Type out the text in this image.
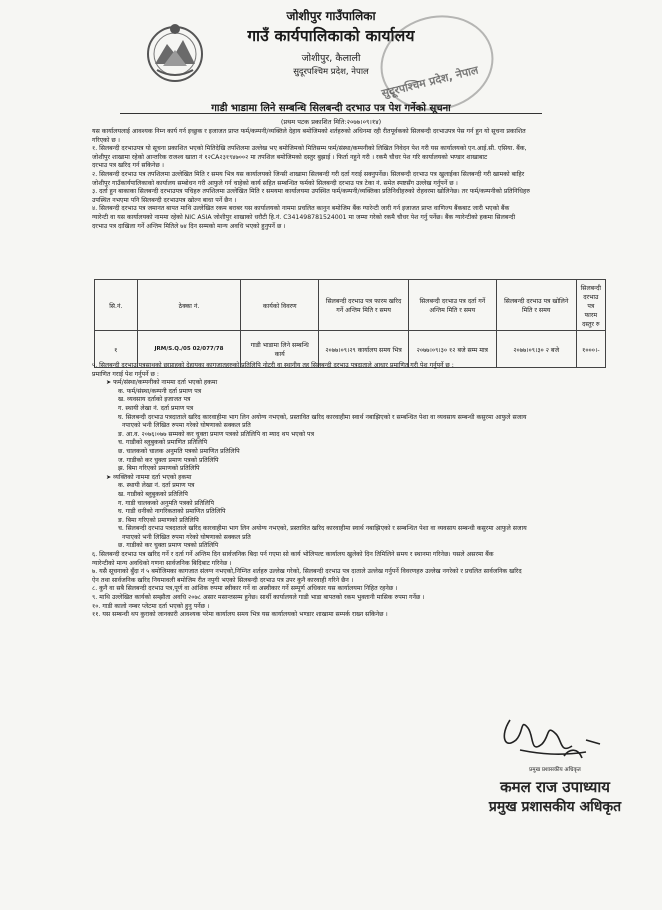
जोशीपुर गाउँपालिका
गाउँ कार्यपालिकाको कार्यालय
जोशीपुर, कैलाली
सुदूरपश्चिम प्रदेश, नेपाल	सुदूरपश्चिम प्रदेश, नेपाल
गाडी भाडामा लिने सम्बन्धि सिलबन्दी दरभाउ पत्र पेश गर्नेको सूचना
(प्रथम पटक प्रकाशित मिति:२०७७।०९।१४)

यस कार्यालयलाई आवश्यक निम्न कार्य गर्न इच्छुक र इजाजत प्राप्त फर्म/कम्पनी/व्यक्तिले देहाय बमोजिमको शर्तहरुको अधिनमा रही रीतपूर्वकको सिलबन्दी दरभाउपत्र पेस गर्न हुन यो सूचना प्रकाशित

गरिएको छ ।

१. सिलबन्दी दरभाउपत्र यो सूचना प्रकाशित भएको मितिदेखि तपशिलमा उल्लेख भए बमोजिमको मितिसम्म फर्म/संस्था/कम्पनीको लिखित निवेदन पेश गरी यस कार्यालयको एन.आई.सी. एसिया. बैंक,

जोशीपुर शाखामा रहेको आन्तरिक राजश्व खाता नं १२CA२३१९४७००२ मा तपशिल बमोजिमको दस्तुर बुझाई । फिर्ता नहुने गरी । रकमै चौधर पेश गरि कार्यालयको भण्डार शाखाबाट

दरभाउ पत्र खरिद गर्न सकिनेछ ।

२. सिलबन्दी दरभाउ पत्र तपशिलमा उल्लेखित मिति र समय भित्र यस कार्यालयको जिन्सी शाखामा सिलबन्दी गरी दर्ता गराई सक्नुपर्नेछ। सिलबन्दी दरभाउ पत्र खुलाईका सिलबन्दी गरी खामको बाहिर

जोशीपुर गाउँकार्यपालिकाको कार्यालय सम्बोधन गरी आफुले गर्न चाहेको कार्य सहित सम्बन्धित फर्मको सिलबन्दी दरभाउ पत्र टेका नं. समेत स्पष्टसँग उल्लेख गर्नुपर्ने छ ।

३. दर्ता हुन बाकाका सिलबन्दी दरभाउपत्र पचिहरु तपशिलमा उल्लेखित मिति र समयमा कार्यालयमा उपस्थित फर्म/कम्पनी/व्यक्तिका प्रतिनिधीहरुको रोहवरमा खोलिनेछ। तर फर्म/कम्पनीको प्रतिनिधिहरु

उपस्थित नभएमा पनि सिलबन्दी दरभाउपत्र खोल्न बाधा पर्ने छैन ।

४. सिलबन्दी दरभाउ पत्र जमानत बापत माथि उल्लेखित रकम बराबर यस कार्यालयको नाममा प्रचलित कानुन बमोजिम बैंक ग्यारेन्टी जारी गर्न इजाजत प्राप्त वाणिज्य बैंकबाट जारी भएको बैंक

ग्यारेन्टी वा यस कार्यालयको नाममा रहेको NIC ASIA जोशीपुर शाखाको धरौटी हि.नं. C341498781524001 मा जम्मा गरेको रकमै चौधर पेश गर्नु पर्नेछ। बैंक ग्यारेन्टीको हकमा सिलबन्दी

दरभाउ पत्र दाखिला गर्ने अन्तिम मितिले ७४ दिन सम्मको मान्य अवधि भएको हुनुपर्ने छ ।

सि.नं.	ठेक्का नं.	कार्यको विवरण	सिलबन्दी दरभाउ पत्र फारम खरिद गर्ने अन्तिम मिति र समय	सिलबन्दी दरभाउ पत्र दर्ता गर्ने अन्तिम मिति र समय	सिलबन्दी दरभाउ पत्र खोलिने मिति र समय	सिलबन्दी दरभाउ पत्र फारम दस्तुर रु
१	JRM/S.Q./05 02/077/78	गाडी भाडामा लिने सम्बन्धि कार्य	२०७७।०९।२९ कार्यालय समय भित्र	२०७७।०९।३० १२ बजे सम्म मात्र	२०७७।०९।३० २ बजे	१०००।-

५. सिलबन्दी दरभाउ पत्रसाथको छाप्राहको देहायका कागजातहरुको प्रतिलिपि नोटरी वा स्थानीय तह सिलबन्दी दरभाउ पत्रदाताले आधार प्रमाणित गरी पेश गर्नुपर्ने छ :

प्रमाणित गराई पेश गर्नुपर्ने छ :

➤ फर्म/संस्था/कम्पनीको नाममा दर्ता भएको हकमा

क. फर्म/संस्था/कम्पनी दर्ता प्रमाण पत्र

ख. व्यवसाय दर्ताको इजाजत पत्र

ग. स्थायी लेखा नं. दर्ता प्रमाण पत्र

घ. सिलबन्दी दरभाउ पत्रदाताले खरिद कारवाहीमा भाग लिन अयोग्य नभएको, प्रस्तावित खरिद कारवाहीमा स्वार्थ नबाझिएको र सम्बन्धित पेशा वा व्यवसाय सम्बन्धी कसुरमा आफुले सजाय

नपाएको भनी लिखित रुपमा गरेको घोषणाको सक्कल प्रति

ङ. आ.व. २०७६।०७७ सम्मको कर चुक्ता प्रमाण पत्रको प्रतिलिपि वा म्याद थप भएको पत्र

च. गाडीको ब्लुबुकको प्रमाणित प्रतिलिपि

छ. चालकको चालक अनुमति पत्रको प्रमाणित प्रतिलिपि

ज. गाडीको कर चुक्ता प्रमाण पत्रको प्रतिलिपि

झ. बिमा गरिएको प्रमाणको प्रतिलिपि

➤ व्यक्तिको नाममा दर्ता भएको हकमा

क. स्थायी लेखा नं. दर्ता प्रमाण पत्र

ख. गाडीको ब्लुबुकको प्रतिलिपि

ग. गाडी चालकको अनुमति पत्रको प्रतिलिपि

घ. गाडी धनीको नागरिकताको प्रमाणित प्रतिलिपि

ङ. बिमा गरिएको प्रमाणको प्रतिलिपि

च. सिलबन्दी दरभाउ पत्रदाताले खरिद कारवाहीमा भाग लिन अयोग्य नभएको, प्रस्तावित खरिद कारवाहीमा स्वार्थ नबाझिएको र सम्बन्धित पेशा वा व्यवसाय सम्बन्धी कसुरमा आफुले सजाय

नपाएको भनी लिखित रुपमा गरेको घोषणाको सक्कल प्रति

छ. गाडीको कर चुक्ता प्रमाण पत्रको प्रतिलिपि

६. सिलबन्दी दरभाउ पत्र खरिद गर्ने र दर्ता गर्ने अन्तिम दिन सार्वजनिक बिदा पर्न गएमा सो कार्य भोलिपल्ट कार्यालय खुलेको दिन तिमिलिने समय र स्थानमा गरिनेछ। यसले असरमा बैंक

ग्यारेन्टीको मान्य अवधिको गणना सार्वजनिक बिदिबाट गरिनेछ ।

७. यसै सूचनाको बुँदा नं ५ बमोजिमका कागजात संलग्न नभएको,निम्नित शर्तहरु उल्लेख गरेको, सिलबन्दी दरभाउ पत्र दाताले उल्लेख गर्नुपर्ने विवरणहरु उल्लेख नगरेको र प्रचलित सार्वजनिक खरिद

ऐन तथा सार्वजनिक खरिद नियमावली बमोजिम रीत नपुगी भएको सिलबन्दी दरभाउ पत्र उपर कुनै कारवाही गरिने छैन ।

८. कुनै वा सबै सिलबन्दी दरभाउ पत्र,पूर्ण वा आंशिक रुपमा स्वीकार गर्ने वा अस्वीकार गर्ने सम्पूर्ण अधिकार यस कार्यालयमा निहित रहनेछ ।

९. माथि उल्लेखित कार्यको सम्झौता अवधि २०७८ असार मसान्तसम्म हुनेछ। सार्थी कार्यालयले गाडी भाडा बापतको रकम भुक्तानी मासिक रुपमा गर्नेछ ।

१०. गाडी कालो नम्बर प्लेटमा दर्ता भएको हुनु पर्नेछ ।

११. यस सम्बन्धी थप कुराको जानकारी आवश्यक परेमा कार्यालय समय भित्र यस कार्यालयको भण्डार शाखामा सम्पर्क राख्न सकिनेछ ।

प्रमुख प्रशासकीय अधिकृत
कमल राज उपाध्याय
प्रमुख प्रशासकीय अधिकृत
